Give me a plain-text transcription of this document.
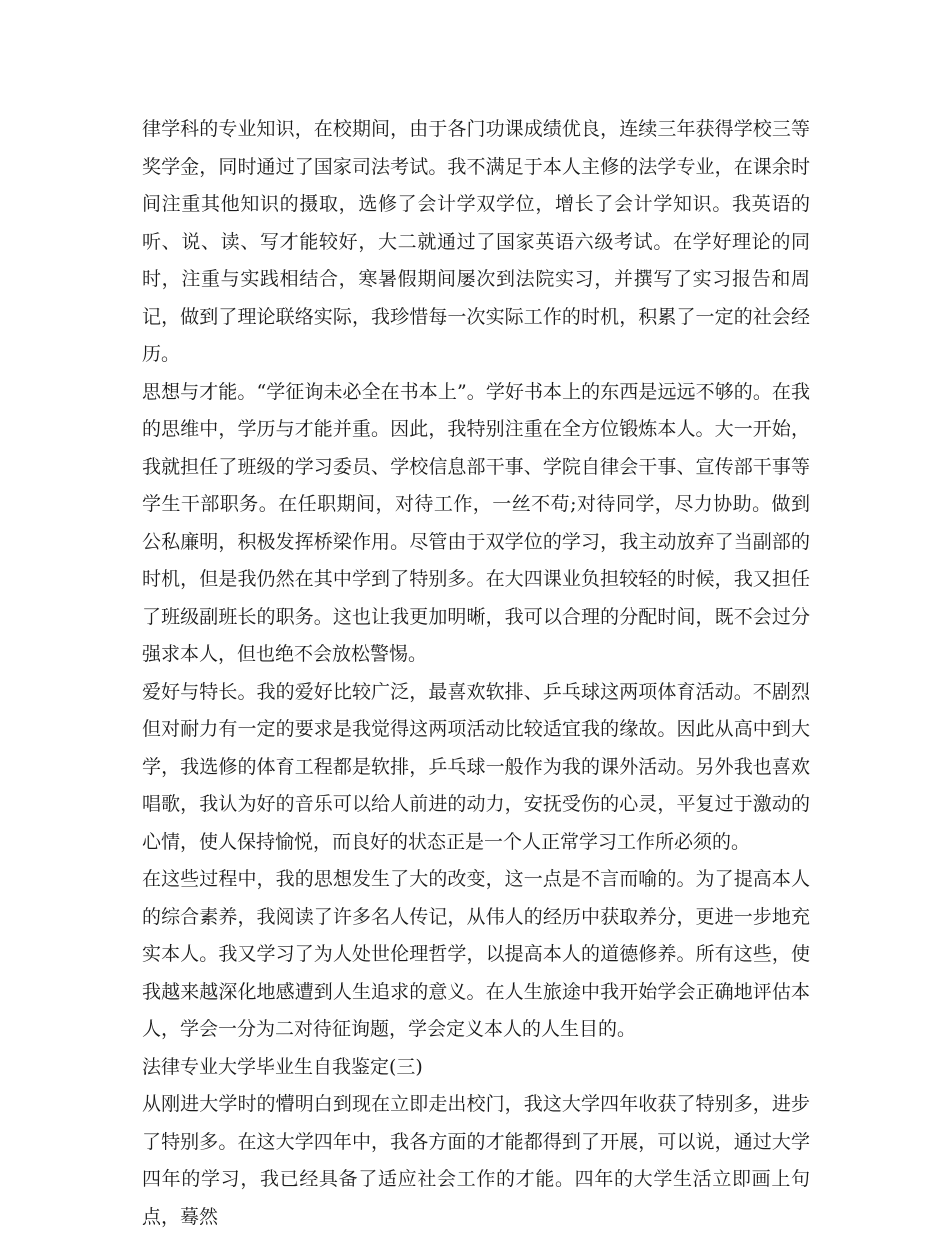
律学科的专业知识，在校期间，由于各门功课成绩优良，连续三年获得学校三等奖学金，同时通过了国家司法考试。我不满足于本人主修的法学专业，在课余时间注重其他知识的摄取，选修了会计学双学位，增长了会计学知识。我英语的听、说、读、写才能较好，大二就通过了国家英语六级考试。在学好理论的同时，注重与实践相结合，寒暑假期间屡次到法院实习，并撰写了实习报告和周记，做到了理论联络实际，我珍惜每一次实际工作的时机，积累了一定的社会经历。

思想与才能。“学征询未必全在书本上”。学好书本上的东西是远远不够的。在我的思维中，学历与才能并重。因此，我特别注重在全方位锻炼本人。大一开始，我就担任了班级的学习委员、学校信息部干事、学院自律会干事、宣传部干事等学生干部职务。在任职期间，对待工作，一丝不苟;对待同学，尽力协助。做到公私廉明，积极发挥桥梁作用。尽管由于双学位的学习，我主动放弃了当副部的时机，但是我仍然在其中学到了特别多。在大四课业负担较轻的时候，我又担任了班级副班长的职务。这也让我更加明晰，我可以合理的分配时间，既不会过分强求本人，但也绝不会放松警惕。

爱好与特长。我的爱好比较广泛，最喜欢软排、乒乓球这两项体育活动。不剧烈但对耐力有一定的要求是我觉得这两项活动比较适宜我的缘故。因此从高中到大学，我选修的体育工程都是软排，乒乓球一般作为我的课外活动。另外我也喜欢唱歌，我认为好的音乐可以给人前进的动力，安抚受伤的心灵，平复过于激动的心情，使人保持愉悦，而良好的状态正是一个人正常学习工作所必须的。

在这些过程中，我的思想发生了大的改变，这一点是不言而喻的。为了提高本人的综合素养，我阅读了许多名人传记，从伟人的经历中获取养分，更进一步地充实本人。我又学习了为人处世伦理哲学，以提高本人的道德修养。所有这些，使我越来越深化地感遭到人生追求的意义。在人生旅途中我开始学会正确地评估本人，学会一分为二对待征询题，学会定义本人的人生目的。

法律专业大学毕业生自我鉴定(三)

从刚进大学时的懵明白到现在立即走出校门，我这大学四年收获了特别多，进步了特别多。在这大学四年中，我各方面的才能都得到了开展，可以说，通过大学四年的学习，我已经具备了适应社会工作的才能。四年的大学生活立即画上句点，蓦然
